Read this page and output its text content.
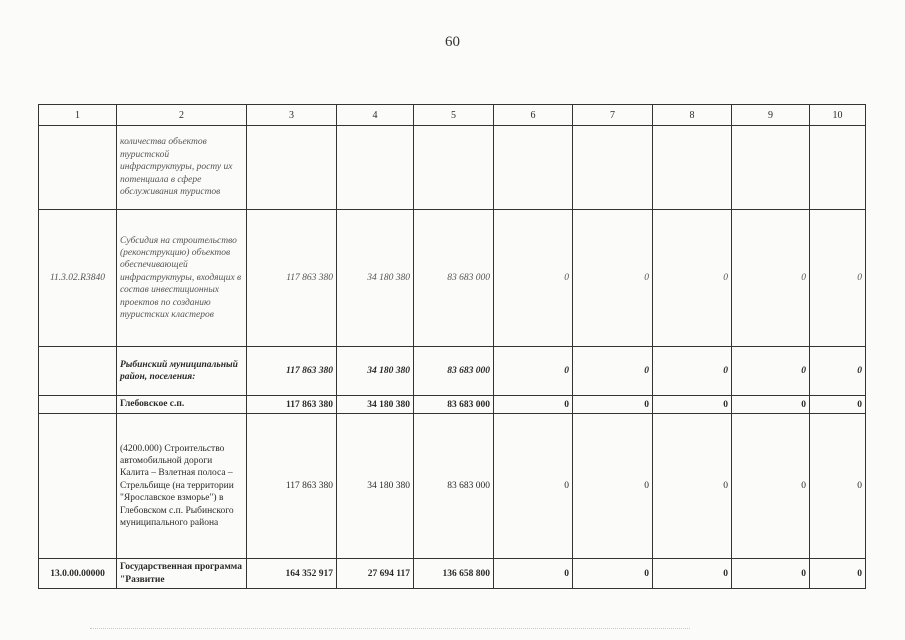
60
1	2	3	4	5	6	7	8	9	10
	количества объектов туристской инфраструктуры, росту их потенциала в сфере обслуживания туристов								
11.3.02.R3840	Субсидия на строительство (реконструкцию) объектов обеспечивающей инфраструктуры, входящих в состав инвестиционных проектов по созданию туристских кластеров	117 863 380	34 180 380	83 683 000	0	0	0	0	0
	Рыбинский муниципальный район, поселения:	117 863 380	34 180 380	83 683 000	0	0	0	0	0
	Глебовское с.п.	117 863 380	34 180 380	83 683 000	0	0	0	0	0
	(4200.000) Строительство автомобильной дороги Калита – Взлетная полоса – Стрельбище (на территории "Ярославское взморье") в Глебовском с.п. Рыбинского муниципального района	117 863 380	34 180 380	83 683 000	0	0	0	0	0
13.0.00.00000	Государственная программа "Развитие	164 352 917	27 694 117	136 658 800	0	0	0	0	0
